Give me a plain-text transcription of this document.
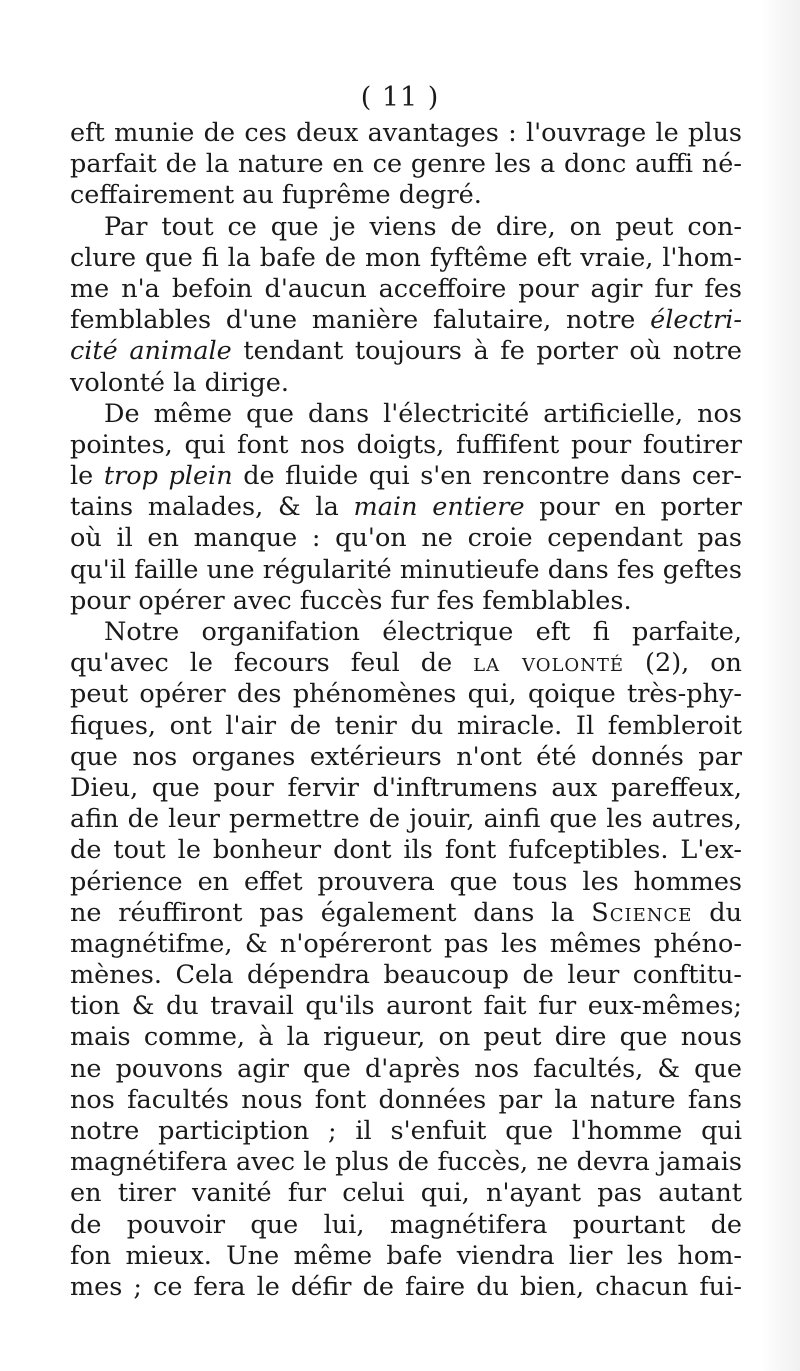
( 11 )
eft munie de ces deux avantages : l'ouvrage le plus
parfait de la nature en ce genre les a donc auffi né-
ceffairement au fuprême degré.
Par tout ce que je viens de dire, on peut con-
clure que fi la bafe de mon fyftême eft vraie, l'hom-
me n'a befoin d'aucun acceffoire pour agir fur fes
femblables d'une manière falutaire, notre électri-
cité animale tendant toujours à fe porter où notre
volonté la dirige.
De même que dans l'électricité artificielle, nos
pointes, qui font nos doigts, fuffifent pour foutirer
le trop plein de fluide qui s'en rencontre dans cer-
tains malades, & la main entiere pour en porter
où il en manque : qu'on ne croie cependant pas
qu'il faille une régularité minutieufe dans fes geftes
pour opérer avec fuccès fur fes femblables.
Notre organifation électrique eft fi parfaite,
qu'avec le fecours feul de la volonté (2), on
peut opérer des phénomènes qui, qoique très-phy-
fiques, ont l'air de tenir du miracle. Il fembleroit
que nos organes extérieurs n'ont été donnés par
Dieu, que pour fervir d'inftrumens aux pareffeux,
afin de leur permettre de jouir, ainfi que les autres,
de tout le bonheur dont ils font fufceptibles. L'ex-
périence en effet prouvera que tous les hommes
ne réuffiront pas également dans la Science du
magnétifme, & n'opéreront pas les mêmes phéno-
mènes. Cela dépendra beaucoup de leur conftitu-
tion & du travail qu'ils auront fait fur eux-mêmes;
mais comme, à la rigueur, on peut dire que nous
ne pouvons agir que d'après nos facultés, & que
nos facultés nous font données par la nature fans
notre particiption ; il s'enfuit que l'homme qui
magnétifera avec le plus de fuccès, ne devra jamais
en tirer vanité fur celui qui, n'ayant pas autant
de pouvoir que lui, magnétifera pourtant de
fon mieux. Une même bafe viendra lier les hom-
mes ; ce fera le défir de faire du bien, chacun fui-
